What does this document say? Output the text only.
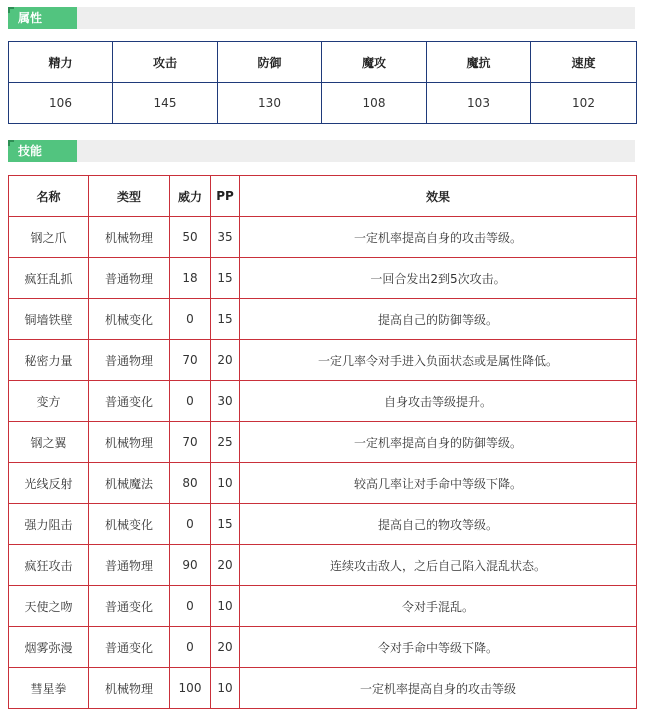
属性
精力	攻击	防御	魔攻	魔抗	速度
106	145	130	108	103	102
技能
名称	类型	威力	PP	效果
钢之爪	机械物理	50	35	一定机率提高自身的攻击等级。
疯狂乱抓	普通物理	18	15	一回合发出2到5次攻击。
铜墙铁壁	机械变化	0	15	提高自己的防御等级。
秘密力量	普通物理	70	20	一定几率令对手进入负面状态或是属性降低。
变方	普通变化	0	30	自身攻击等级提升。
钢之翼	机械物理	70	25	一定机率提高自身的防御等级。
光线反射	机械魔法	80	10	较高几率让对手命中等级下降。
强力阻击	机械变化	0	15	提高自己的物攻等级。
疯狂攻击	普通物理	90	20	连续攻击敌人，之后自己陷入混乱状态。
天使之吻	普通变化	0	10	令对手混乱。
烟雾弥漫	普通变化	0	20	令对手命中等级下降。
彗星拳	机械物理	100	10	一定机率提高自身的攻击等级
